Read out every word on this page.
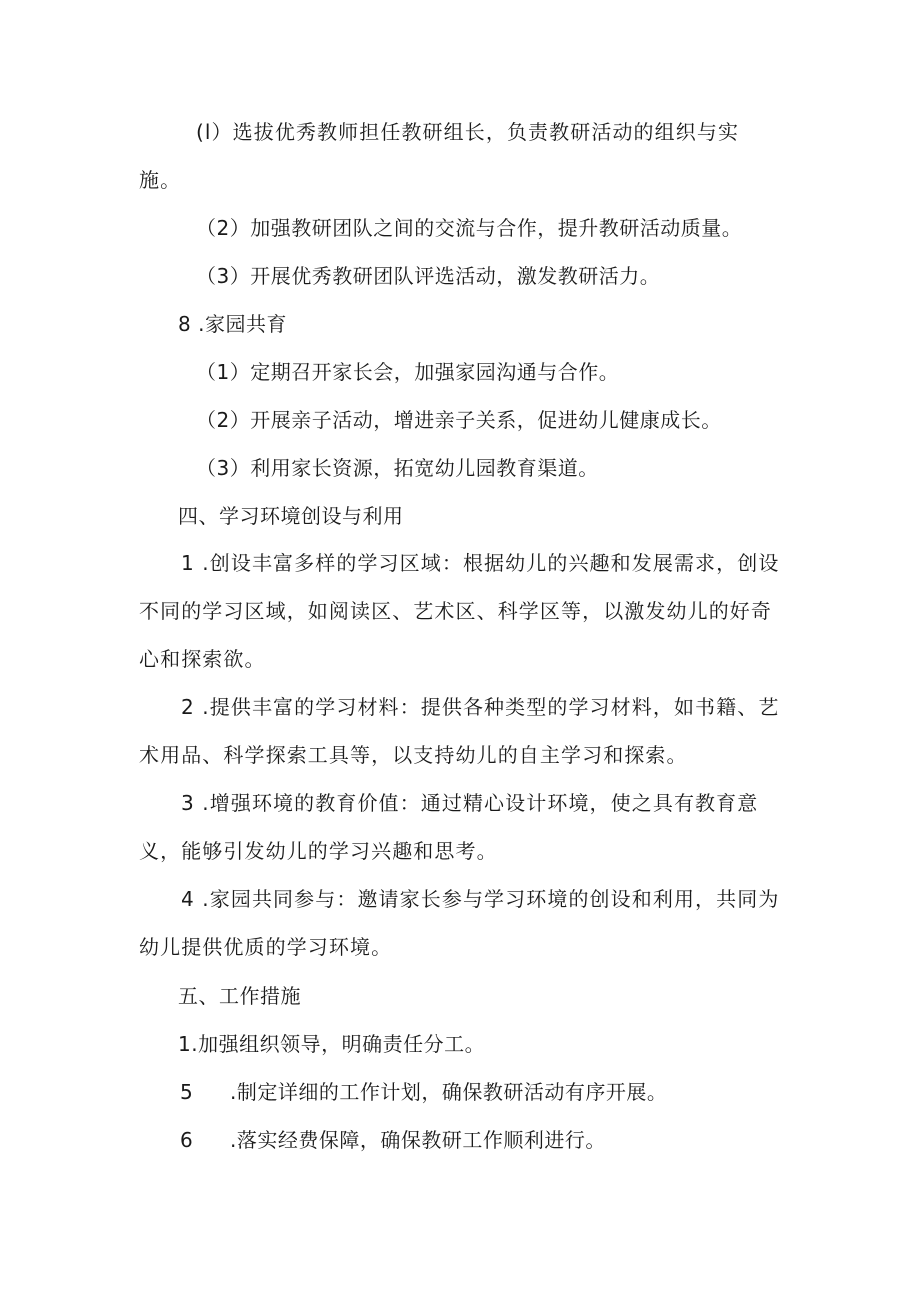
(l）选拔优秀教师担任教研组长，负责教研活动的组织与实施。
（2）加强教研团队之间的交流与合作，提升教研活动质量。
（3）开展优秀教研团队评选活动，激发教研活力。
8 .家园共育
（1）定期召开家长会，加强家园沟通与合作。
（2）开展亲子活动，增进亲子关系，促进幼儿健康成长。
（3）利用家长资源，拓宽幼儿园教育渠道。
四、学习环境创设与利用
1 .创设丰富多样的学习区域：根据幼儿的兴趣和发展需求，创设不同的学习区域，如阅读区、艺术区、科学区等，以激发幼儿的好奇心和探索欲。
2 .提供丰富的学习材料：提供各种类型的学习材料，如书籍、艺术用品、科学探索工具等，以支持幼儿的自主学习和探索。
3 .增强环境的教育价值：通过精心设计环境，使之具有教育意义，能够引发幼儿的学习兴趣和思考。
4 .家园共同参与：邀请家长参与学习环境的创设和利用，共同为幼儿提供优质的学习环境。
五、工作措施
1.加强组织领导，明确责任分工。
5 .制定详细的工作计划，确保教研活动有序开展。
6 .落实经费保障，确保教研工作顺利进行。
